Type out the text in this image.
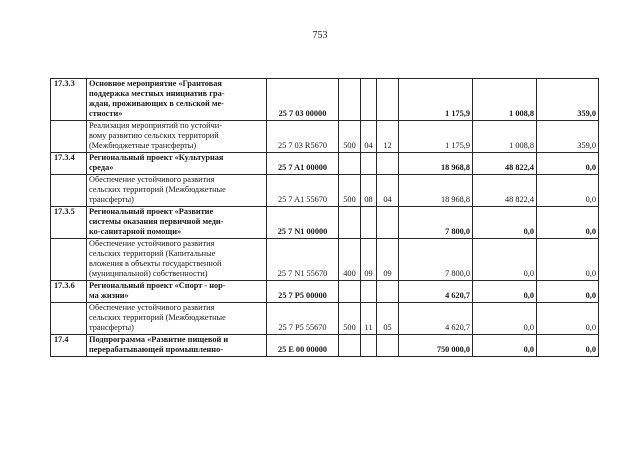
753
17.3.3	Основное мероприятие «Грантовая
поддержка местных инициатив гра-
ждан, проживающих в сельской ме-
стности»	25 7 03 00000				1 175,9	1 008,8	359,0

	Реализация мероприятий по устойчи-
вому развитию сельских территорий
(Межбюджетные трансферты)	25 7 03 R5670	500	04	12	1 175,9	1 008,8	359,0
17.3.4	Региональный проект «Культурная
среда»	25 7 A1 00000				18 968,8	48 822,4	0,0

	Обеспечение устойчивого развития
сельских территорий (Межбюджетные
трансферты)	25 7 A1 55670	500	08	04	18 968,8	48 822,4	0,0
17.3.5	Региональный проект «Развитие
системы оказания первичной меди-
ко-санитарной помощи»	25 7 N1 00000				7 800,0	0,0	0,0

	Обеспечение устойчивого развития
сельских территорий (Капитальные
вложения в объекты государственной
(муниципальной) собственности)	25 7 N1 55670	400	09	09	7 800,0	0,0	0,0
17.3.6	Региональный проект «Спорт - нор-
ма жизни»	25 7 P5 00000				4 620,7	0,0	0,0

	Обеспечение устойчивого развития
сельских территорий (Межбюджетные
трансферты)	25 7 P5 55670	500	11	05	4 620,7	0,0	0,0
17.4	Подпрограмма «Развитие пищевой и
перерабатывающей промышленно-	25 E 00 00000				750 000,0	0,0	0,0
